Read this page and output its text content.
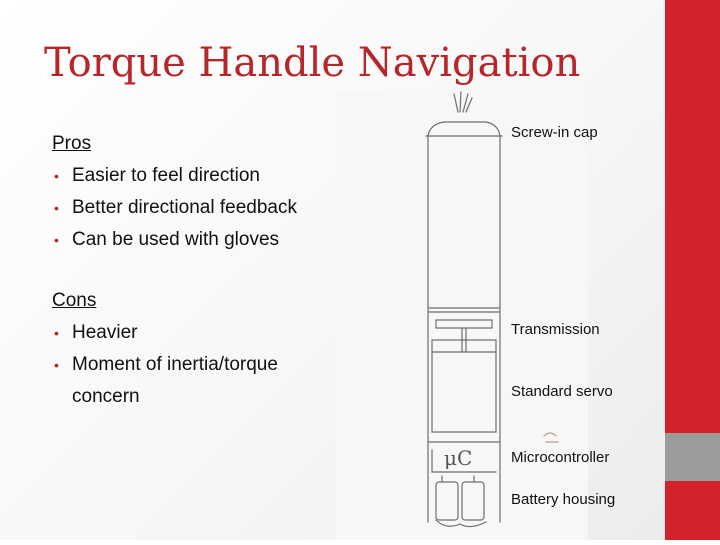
Torque Handle Navigation
Pros
• Easier to feel direction
• Better directional feedback
• Can be used with gloves
Cons
• Heavier
• Moment of inertia/torque
concern
μC
Screw-in cap
Transmission
Standard servo
Microcontroller
Battery housing
